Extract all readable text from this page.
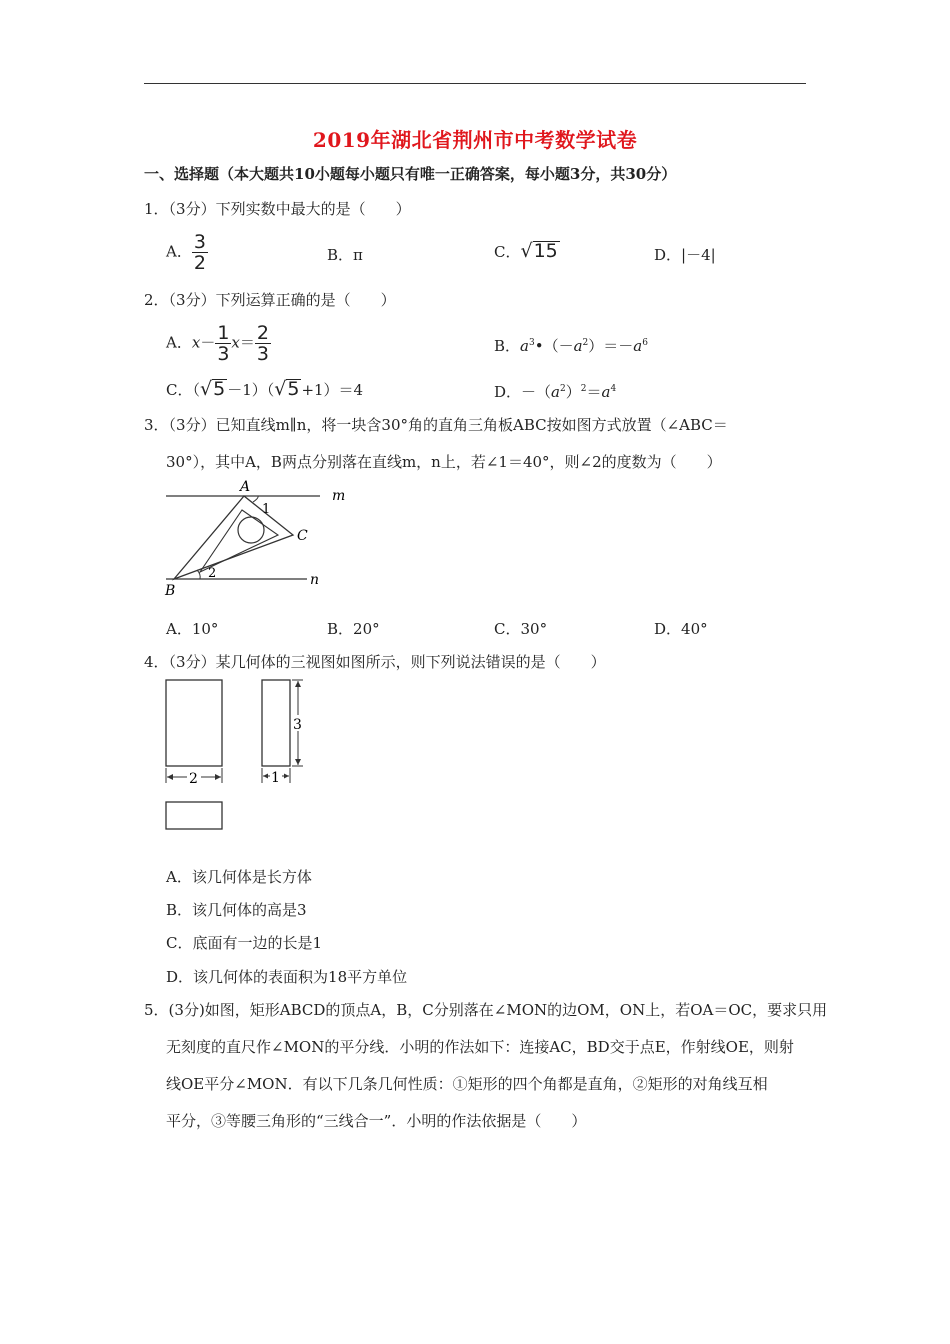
2019年湖北省荆州市中考数学试卷
一、选择题（本大题共10小题每小题只有唯一正确答案，每小题3分，共30分）
1．（3分）下列实数中最大的是（　　）
A． $\frac{3}{2}$	B．π	C．√15	D．|－4|
2．（3分）下列运算正确的是（　　）
A．$x- \frac{1}{3} x= \frac{2}{3}$	B．$a^3•(-a^2)=-a^6$
C．（√5 －1）（√5 +1）＝4	D．$-(a^2)^2=a^4$
3．（3分）已知直线m∥n，将一块含30°角的直角三角板ABC按如图方式放置（∠ABC＝
30°），其中A，B两点分别落在直线m，n上，若∠1＝40°，则∠2的度数为（　　）
A
1
C
m
2	n
B
A．10°	B．20°	C．30°	D．40°
4．（3分）某几何体的三视图如图所示，则下列说法错误的是（　　）
2	1
3
A．该几何体是长方体
B．该几何体的高是3
C．底面有一边的长是1
D．该几何体的表面积为18平方单位
5．(3分)如图，矩形ABCD的顶点A，B，C分别落在∠MON的边OM，ON上，若OA＝OC，要求只用
无刻度的直尺作∠MON的平分线．小明的作法如下：连接AC，BD交于点E，作射线OE，则射
线OE平分∠MON．有以下几条几何性质：①矩形的四个角都是直角，②矩形的对角线互相
平分，③等腰三角形的“三线合一”．小明的作法依据是（　　）
